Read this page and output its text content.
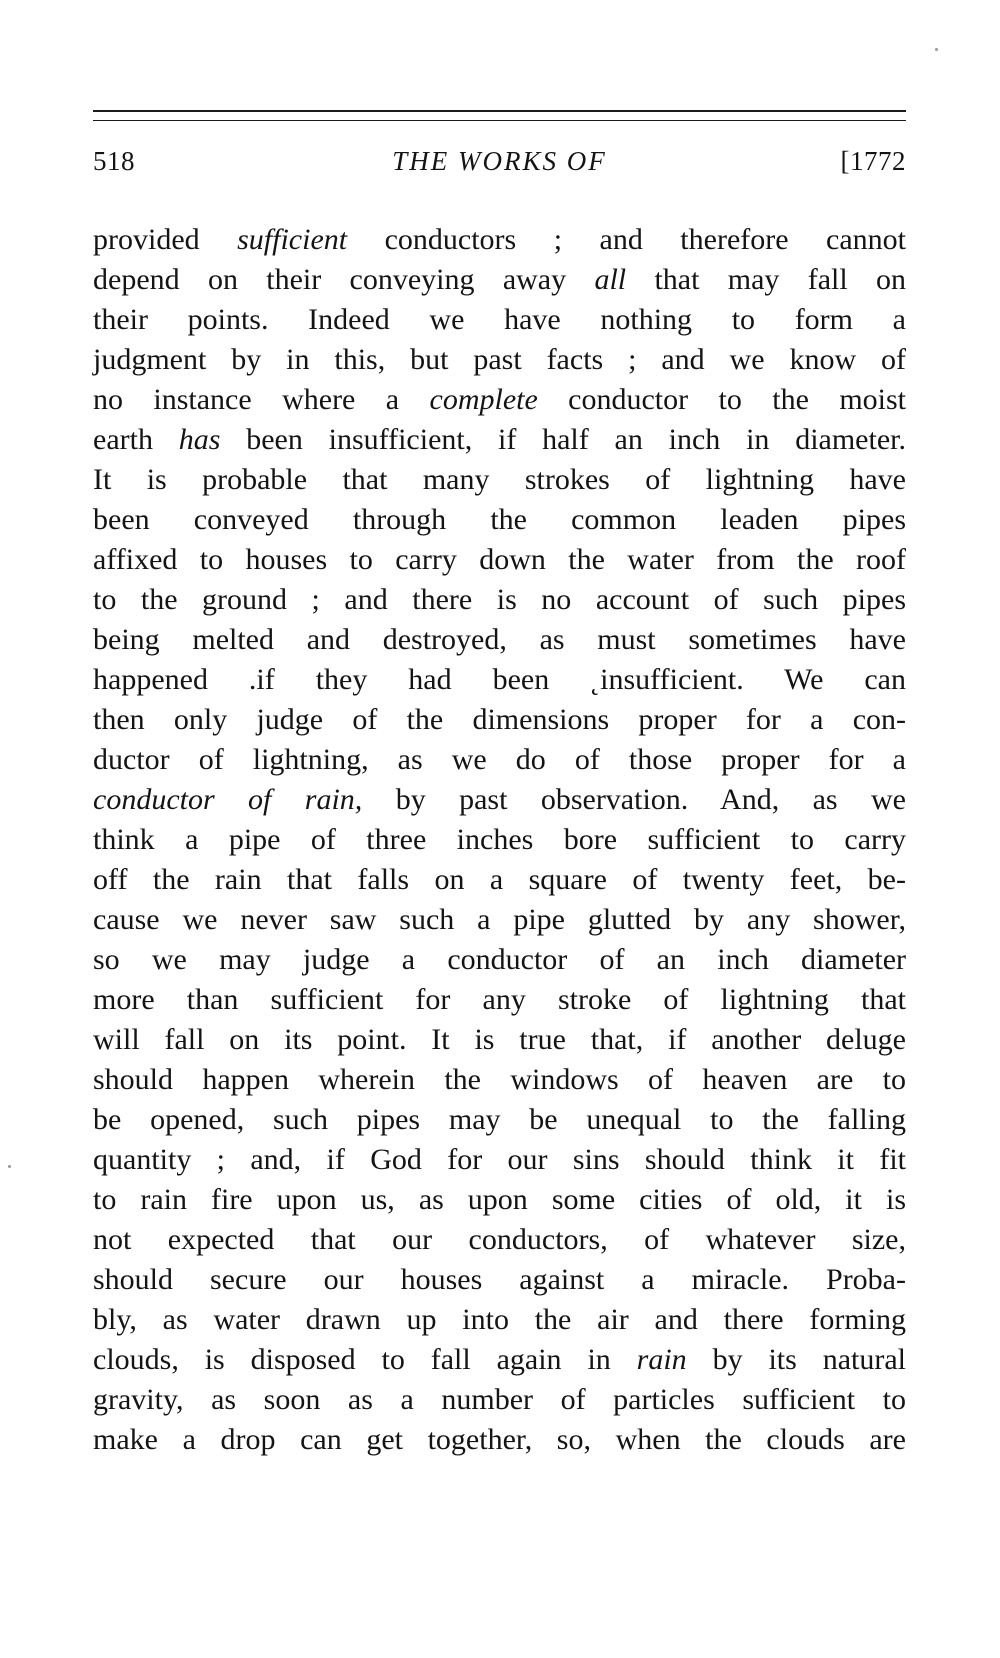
518	THE WORKS OF	[1772
provided sufficient conductors ; and therefore cannot
depend on their conveying away all that may fall on
their points. Indeed we have nothing to form a
judgment by in this, but past facts ; and we know of
no instance where a complete conductor to the moist
earth has been insufficient, if half an inch in diameter.
It is probable that many strokes of lightning have
been conveyed through the common leaden pipes
affixed to houses to carry down the water from the roof
to the ground ; and there is no account of such pipes
being melted and destroyed, as must sometimes have
happened .if they had been ˛insufficient. We can
then only judge of the dimensions proper for a con-
ductor of lightning, as we do of those proper for a
conductor of rain, by past observation. And, as we
think a pipe of three inches bore sufficient to carry
off the rain that falls on a square of twenty feet, be-
cause we never saw such a pipe glutted by any shower,
so we may judge a conductor of an inch diameter
more than sufficient for any stroke of lightning that
will fall on its point. It is true that, if another deluge
should happen wherein the windows of heaven are to
be opened, such pipes may be unequal to the falling
quantity ; and, if God for our sins should think it fit
to rain fire upon us, as upon some cities of old, it is
not expected that our conductors, of whatever size,
should secure our houses against a miracle. Proba-
bly, as water drawn up into the air and there forming
clouds, is disposed to fall again in rain by its natural
gravity, as soon as a number of particles sufficient to
make a drop can get together, so, when the clouds are
